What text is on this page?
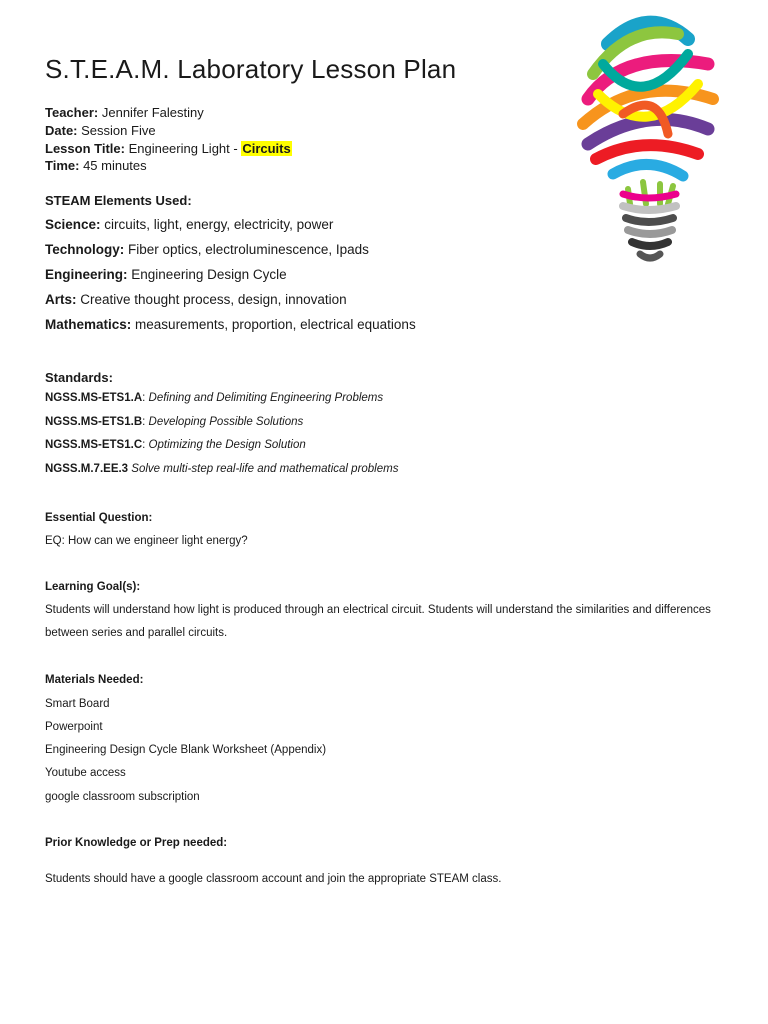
S.T.E.A.M. Laboratory Lesson Plan
Teacher: Jennifer Falestiny
Date: Session Five
Lesson Title: Engineering Light - Circuits
Time: 45 minutes
STEAM Elements Used:
Science: circuits, light, energy, electricity, power
Technology: Fiber optics, electroluminescence, Ipads
Engineering: Engineering Design Cycle
Arts: Creative thought process, design, innovation
Mathematics: measurements, proportion, electrical equations
Standards:
NGSS.MS-ETS1.A: Defining and Delimiting Engineering Problems
NGSS.MS-ETS1.B: Developing Possible Solutions
NGSS.MS-ETS1.C: Optimizing the Design Solution
NGSS.M.7.EE.3 Solve multi-step real-life and mathematical problems
Essential Question:
EQ: How can we engineer light energy?
Learning Goal(s):
Students will understand how light is produced through an electrical circuit. Students will understand the similarities and differences between series and parallel circuits.
Materials Needed:
Smart Board
Powerpoint
Engineering Design Cycle Blank Worksheet (Appendix)
Youtube access
google classroom subscription
Prior Knowledge or Prep needed:
Students should have a google classroom account and join the appropriate STEAM class.
